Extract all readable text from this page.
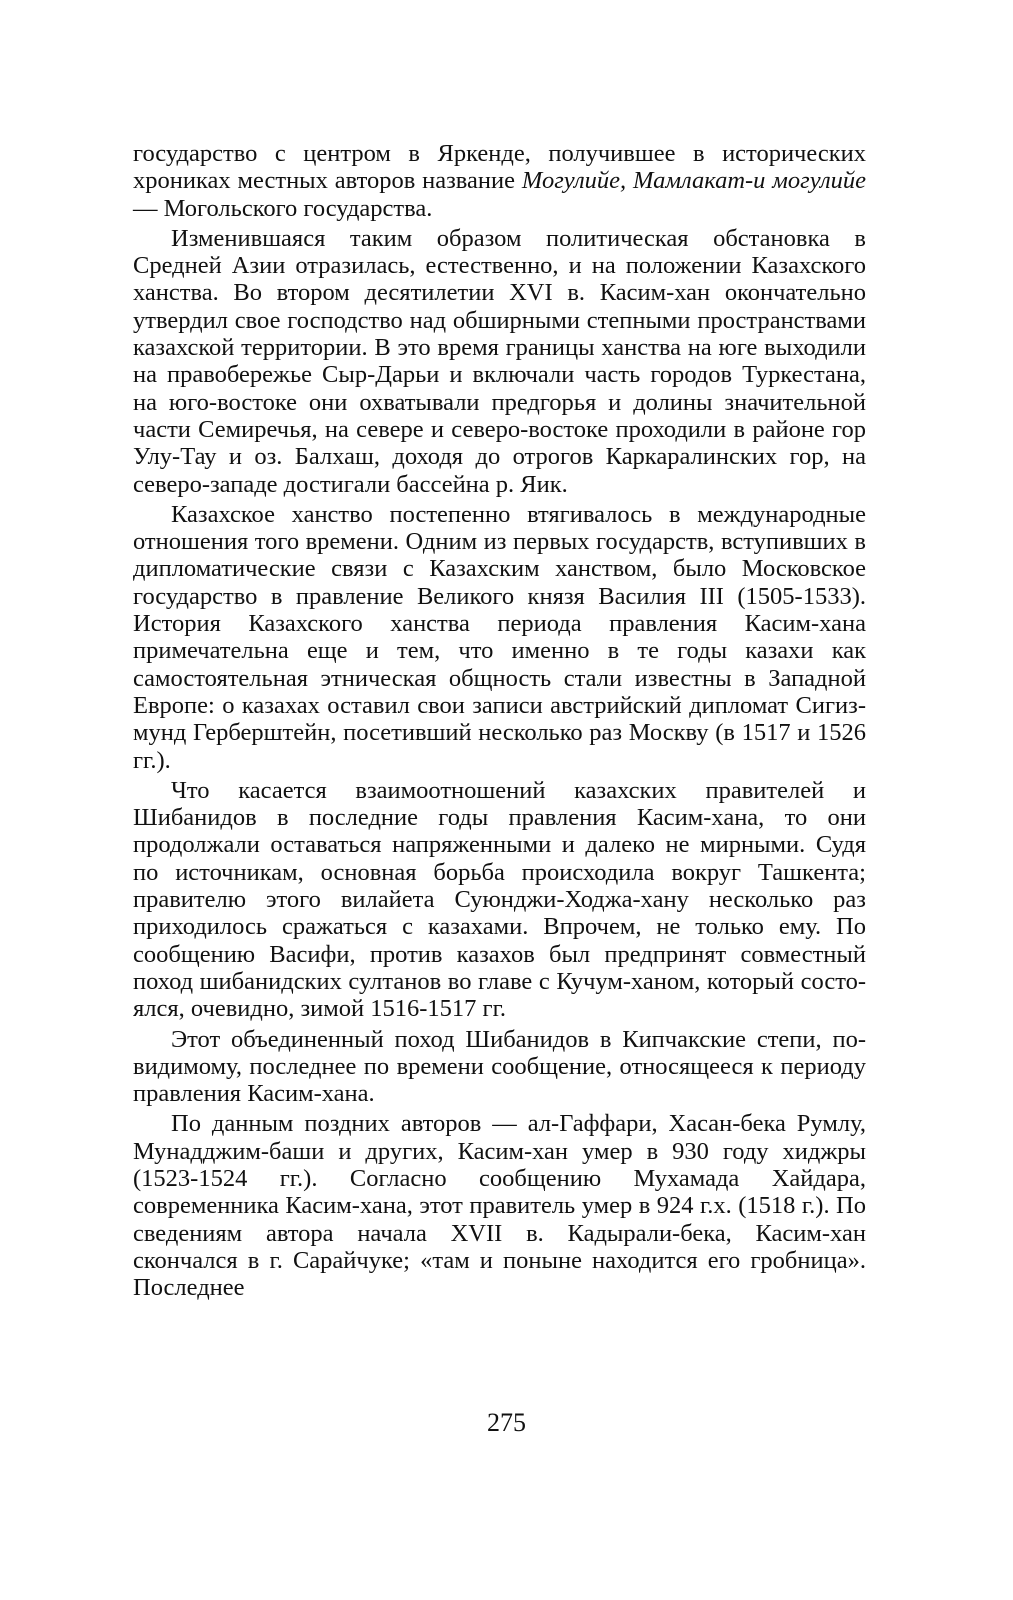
государство с центром в Яркенде, получившее в исторических хрониках местных авторов название Могулийе, Мамлакат-и могулийе — Могольского государства.

Изменившаяся таким образом политическая обстановка в Средней Азии отразилась, естественно, и на положении Казахского ханства. Во втором десятилетии XVI в. Касим-хан окончательно утвердил свое господство над обширными степными пространствами казахской территории. В это время границы ханства на юге выходили на правобережье Сыр-Дарьи и включали часть городов Туркестана, на юго-востоке они охватывали предгорья и долины значительной части Семиречья, на севере и северо-востоке проходили в районе гор Улу-Тау и оз. Балхаш, доходя до отрогов Каркаралинских гор, на северо-западе достигали бассейна р. Яик.

Казахское ханство постепенно втягивалось в международные отношения того времени. Одним из первых государств, вступивших в дипломатические связи с Казахским ханством, было Московское государство в правление Великого князя Василия III (1505-1533). История Казахского ханства периода правления Касим-хана примечательна еще и тем, что именно в те годы казахи как самостоятельная этническая общность стали известны в Западной Европе: о казахах оставил свои записи австрийский дипломат Сигизмунд Герберштейн, посетивший несколько раз Москву (в 1517 и 1526 гг.).

Что касается взаимоотношений казахских правителей и Шибанидов в последние годы правления Касим-хана, то они продолжали оставаться напряженными и далеко не мирными. Судя по источникам, основная борьба происходила вокруг Ташкента; правителю этого вилайета Суюнджи-Ходжа-хану несколько раз приходилось сражаться с казахами. Впрочем, не только ему. По сообщению Васифи, против казахов был предпринят совместный поход шибанидских султанов во главе с Кучум-ханом, который состоялся, очевидно, зимой 1516-1517 гг.

Этот объединенный поход Шибанидов в Кипчакские степи, по-видимому, последнее по времени сообщение, относящееся к периоду правления Касим-хана.

По данным поздних авторов — ал-Гаффари, Хасан-бека Румлу, Мунадджим-баши и других, Касим-хан умер в 930 году хиджры (1523-1524 гг.). Согласно сообщению Мухамада Хайдара, современника Касим-хана, этот правитель умер в 924 г.х. (1518 г.). По сведениям автора начала XVII в. Кадырали-бека, Касим-хан скончался в г. Сарайчуке; «там и поныне находится его гробница». Последнее

275
